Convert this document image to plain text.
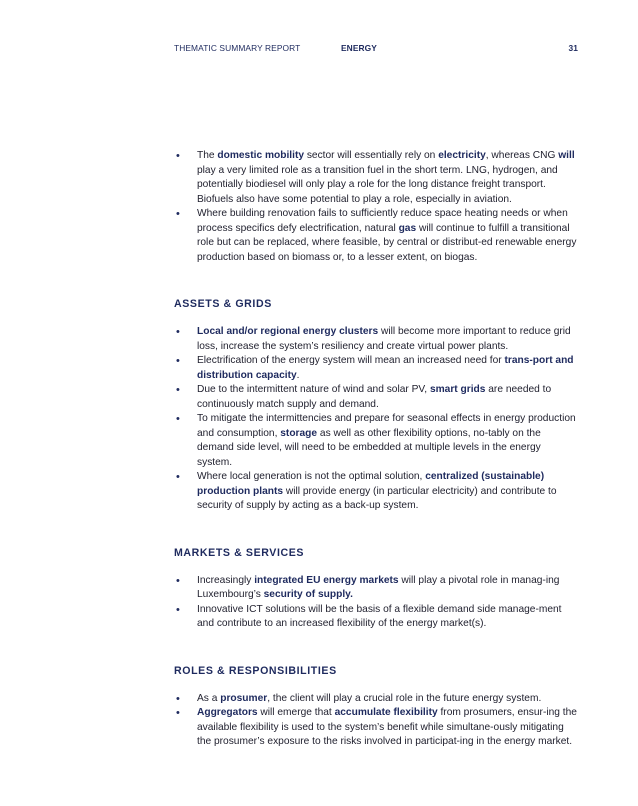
THEMATIC SUMMARY REPORT	ENERGY	31
• The domestic mobility sector will essentially rely on electricity, whereas CNG will play a very limited role as a transition fuel in the short term. LNG, hydrogen, and potentially biodiesel will only play a role for the long distance freight transport. Biofuels also have some potential to play a role, especially in aviation.
• Where building renovation fails to sufficiently reduce space heating needs or when process specifics defy electrification, natural gas will continue to fulfill a transitional role but can be replaced, where feasible, by central or distribut-ed renewable energy production based on biomass or, to a lesser extent, on biogas.
ASSETS & GRIDS
• Local and/or regional energy clusters will become more important to reduce grid loss, increase the system’s resiliency and create virtual power plants.
• Electrification of the energy system will mean an increased need for trans-port and distribution capacity.
• Due to the intermittent nature of wind and solar PV, smart grids are needed to continuously match supply and demand.
• To mitigate the intermittencies and prepare for seasonal effects in energy production and consumption, storage as well as other flexibility options, no-tably on the demand side level, will need to be embedded at multiple levels in the energy system.
• Where local generation is not the optimal solution, centralized (sustainable) production plants will provide energy (in particular electricity) and contribute to security of supply by acting as a back-up system.
MARKETS & SERVICES
• Increasingly integrated EU energy markets will play a pivotal role in manag-ing Luxembourg’s security of supply.
• Innovative ICT solutions will be the basis of a flexible demand side manage-ment and contribute to an increased flexibility of the energy market(s).
ROLES & RESPONSIBILITIES
• As a prosumer, the client will play a crucial role in the future energy system.
• Aggregators will emerge that accumulate flexibility from prosumers, ensur-ing the available flexibility is used to the system’s benefit while simultane-ously mitigating the prosumer’s exposure to the risks involved in participat-ing in the energy market.
